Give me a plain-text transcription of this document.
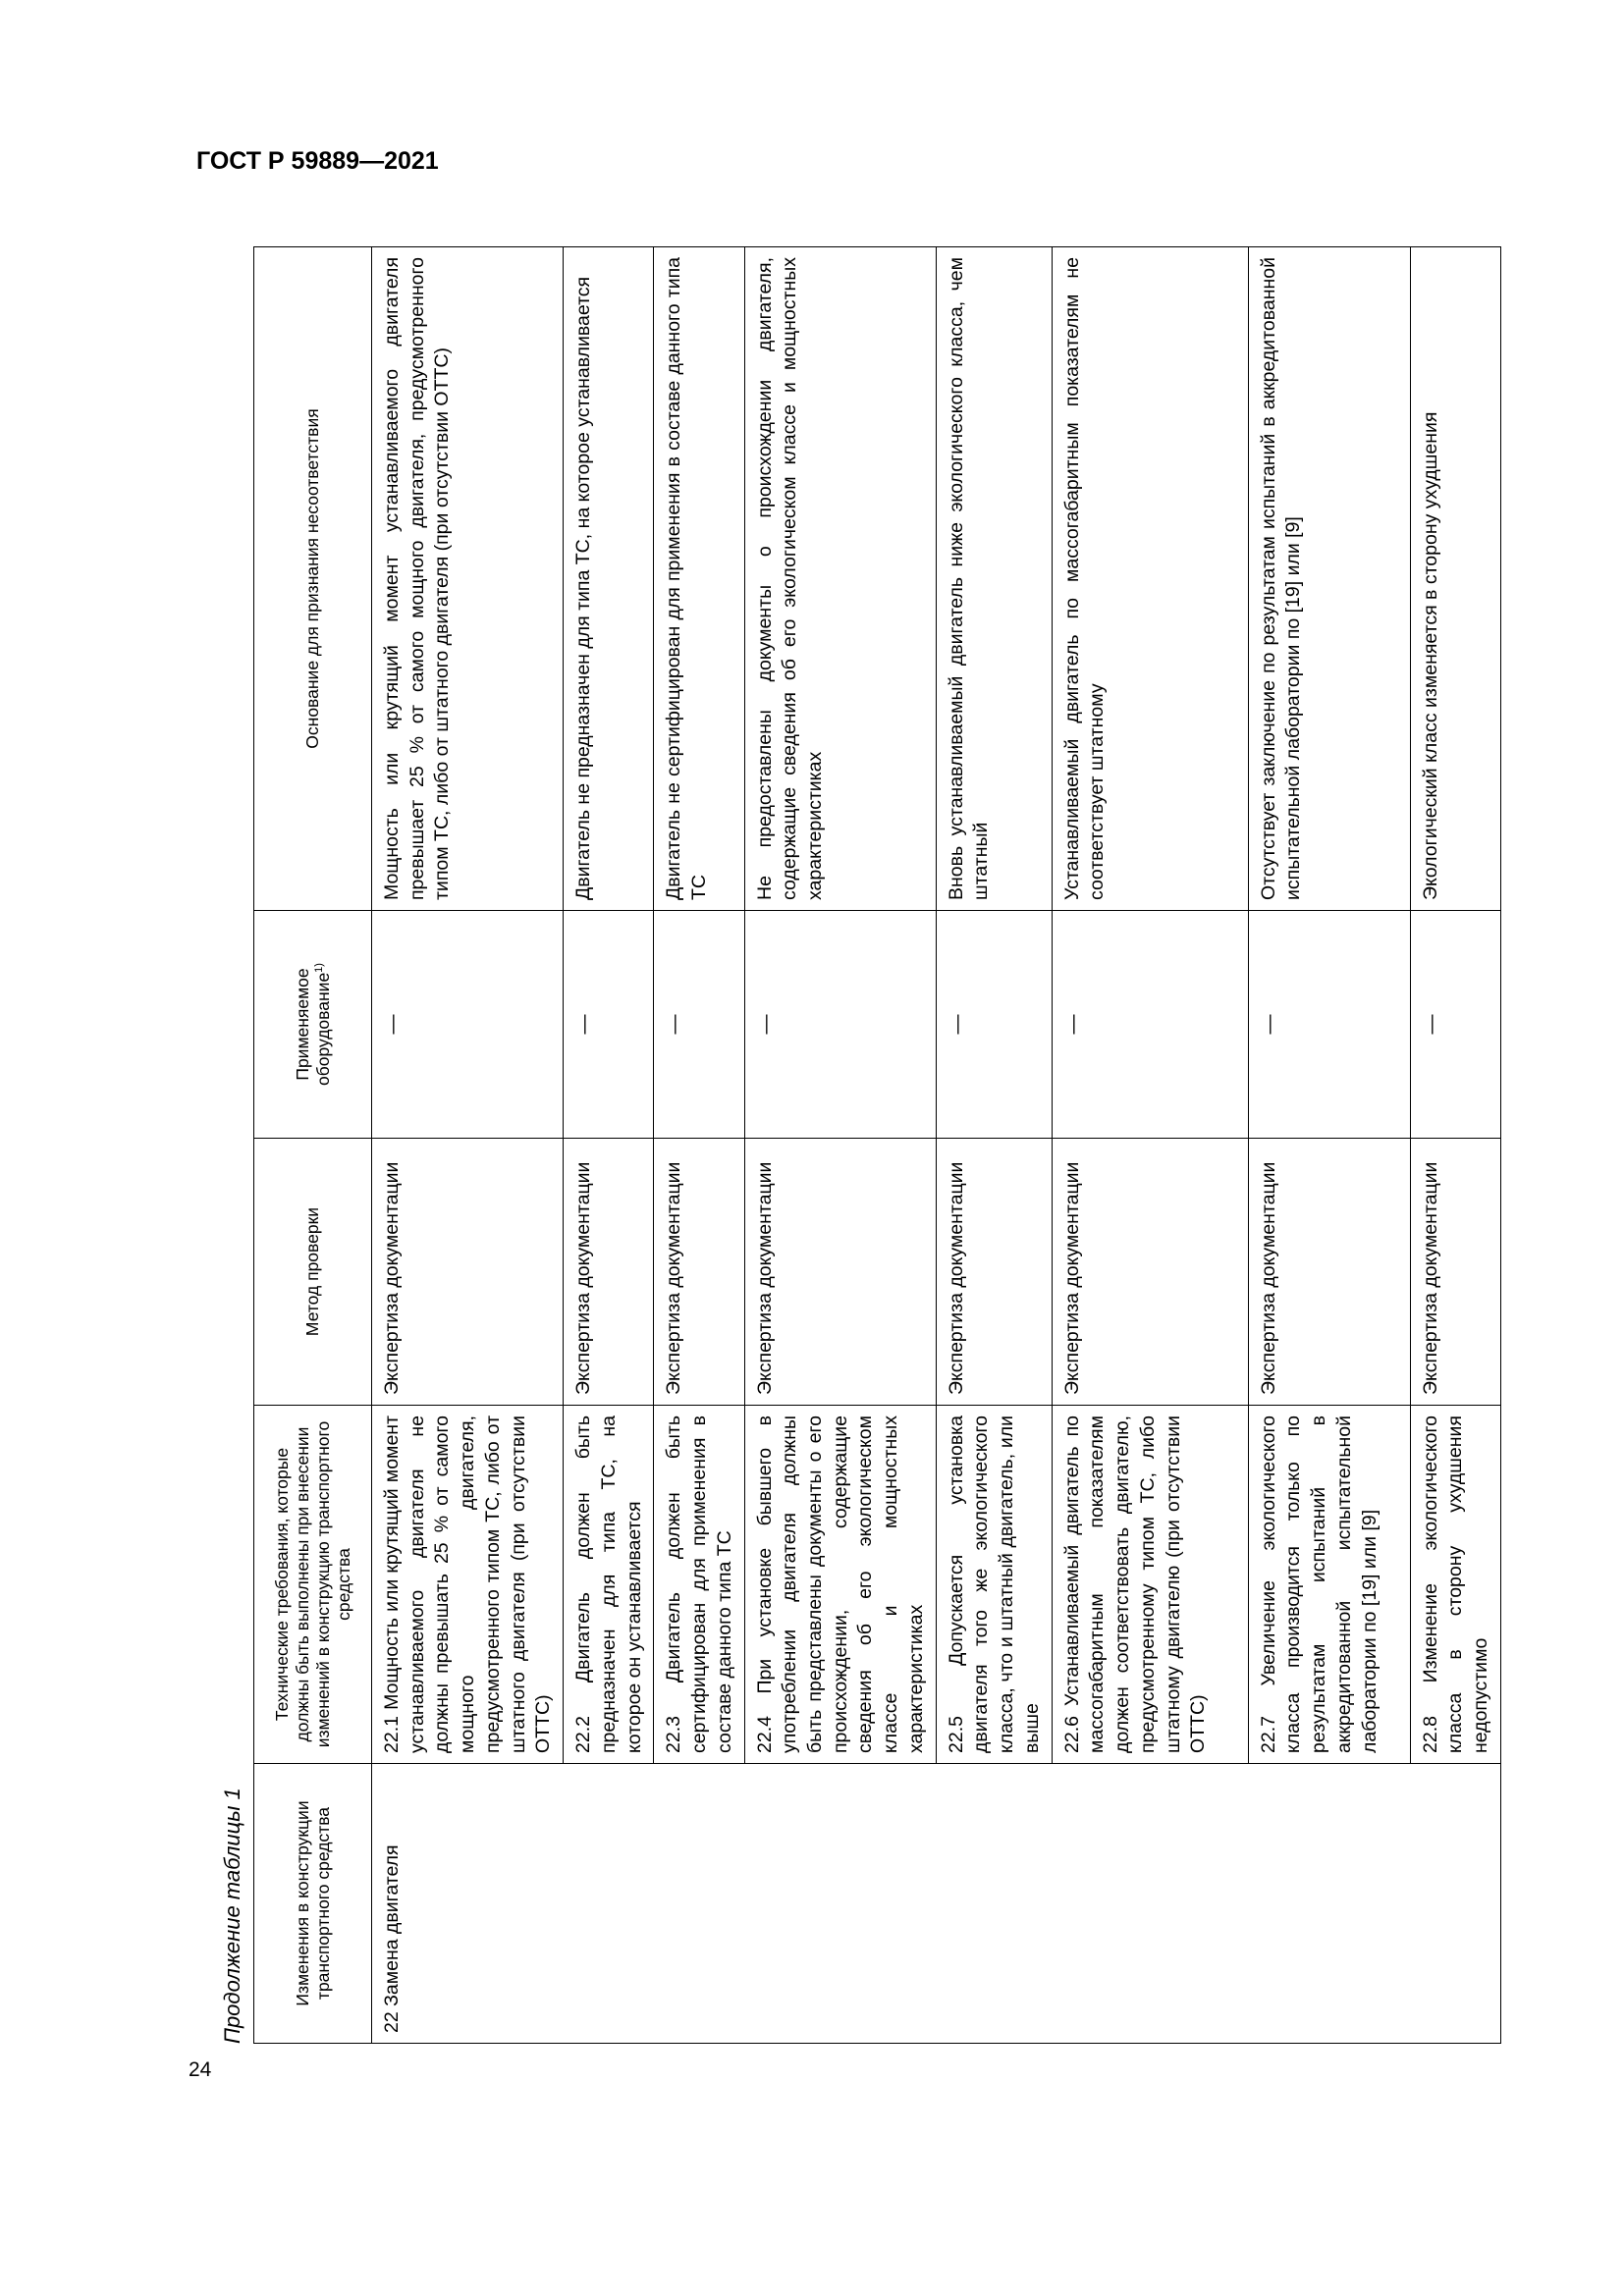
ГОСТ Р 59889—2021
Продолжение таблицы 1	Изменения в конструкции транспортного средства	Технические требования, которые должны быть выполнены при внесении изменений в конструкцию транспортного средства	Метод проверки	Применяемое оборудование$^{1)}$	Основание для признания несоответствия
22 Замена двигателя	22.1 Мощность или крутящий момент устанавливаемого двигателя не должны превышать 25 % от самого мощного двигателя, предусмотренного типом ТС, либо от штатного двигателя (при отсутствии ОТТС)	Экспертиза документации	—	Мощность или крутящий момент устанавливаемого двигателя превышает 25 % от самого мощного двигателя, предусмотренного типом ТС, либо от штатного двигателя (при отсутствии ОТТС)
	22.2 Двигатель должен быть предназначен для типа ТС, на которое он устанавливается	Экспертиза документации	—	Двигатель не предназначен для типа ТС, на которое устанавливается
	22.3 Двигатель должен быть сертифицирован для применения в составе данного типа ТС	Экспертиза документации	—	Двигатель не сертифицирован для применения в составе данного типа ТС
	22.4 При установке бывшего в употреблении двигателя должны быть представлены документы о его происхождении, содержащие сведения об его экологическом классе и мощностных характеристиках	Экспертиза документации	—	Не предоставлены документы о происхождении двигателя, содержащие сведения об его экологическом классе и мощностных характеристиках
	22.5 Допускается установка двигателя того же экологического класса, что и штатный двигатель, или выше	Экспертиза документации	—	Вновь устанавливаемый двигатель ниже экологического класса, чем штатный
	22.6 Устанавливаемый двигатель по массогабаритным показателям должен соответствовать двигателю, предусмотренному типом ТС, либо штатному двигателю (при отсутствии ОТТС)	Экспертиза документации	—	Устанавливаемый двигатель по массогабаритным показателям не соответствует штатному
	22.7 Увеличение экологического класса производится только по результатам испытаний в аккредитованной испытательной лаборатории по [19] или [9]	Экспертиза документации	—	Отсутствует заключение по результатам испытаний в аккредитованной испытательной лаборатории по [19] или [9]
	22.8 Изменение экологического класса в сторону ухудшения недопустимо	Экспертиза документации	—	Экологический класс изменяется в сторону ухудшения
24
